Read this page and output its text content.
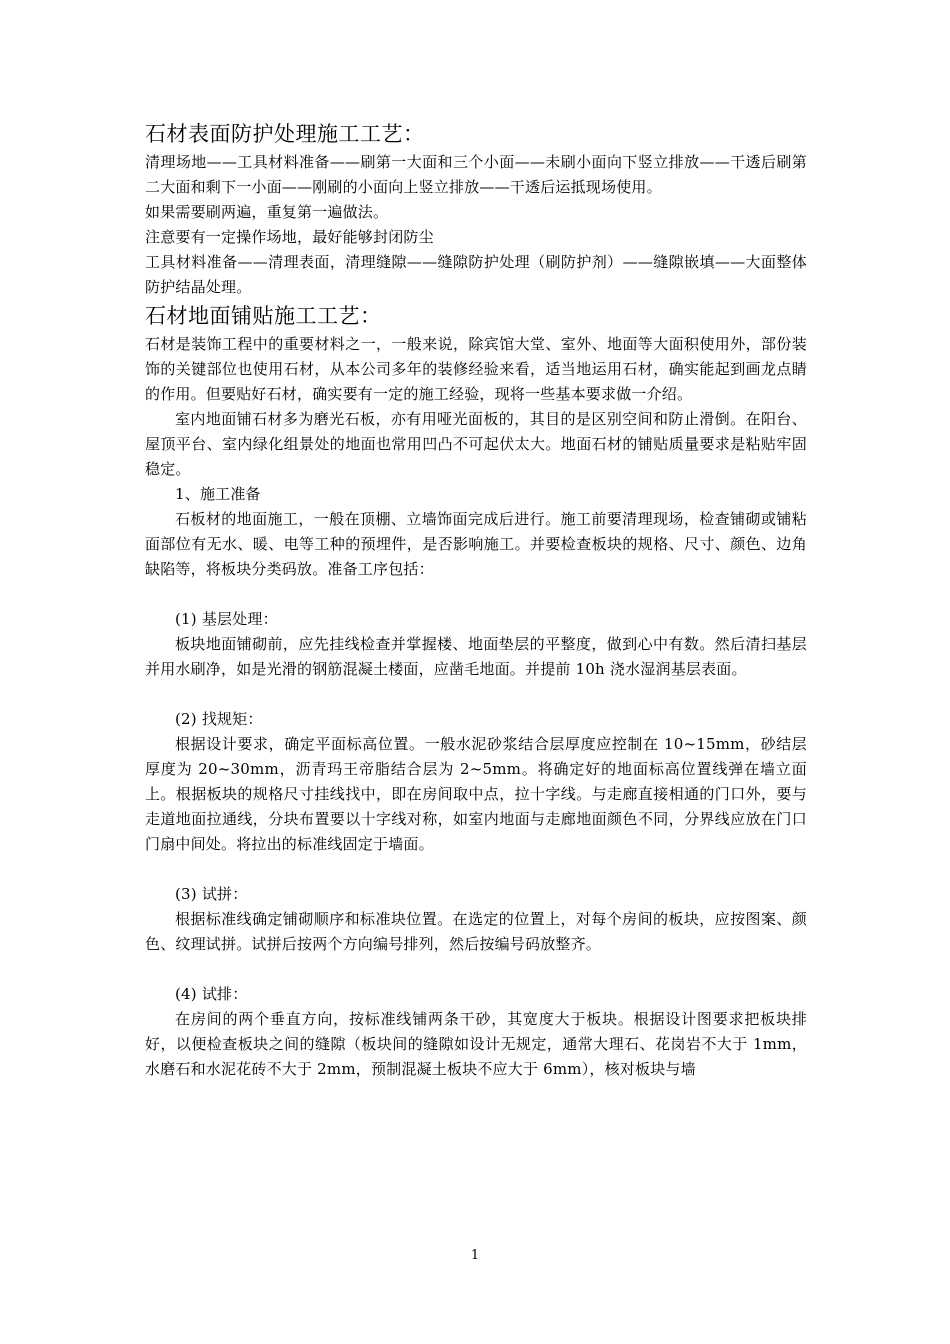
石材表面防护处理施工工艺：

清理场地——工具材料准备——刷第一大面和三个小面——未刷小面向下竖立排放——干透后刷第二大面和剩下一小面——刚刷的小面向上竖立排放——干透后运抵现场使用。

如果需要刷两遍，重复第一遍做法。

注意要有一定操作场地，最好能够封闭防尘

工具材料准备——清理表面，清理缝隙——缝隙防护处理（刷防护剂）——缝隙嵌填——大面整体防护结晶处理。

石材地面铺贴施工工艺：

石材是装饰工程中的重要材料之一，一般来说，除宾馆大堂、室外、地面等大面积使用外，部份装饰的关键部位也使用石材，从本公司多年的装修经验来看，适当地运用石材，确实能起到画龙点睛的作用。但要贴好石材，确实要有一定的施工经验，现将一些基本要求做一介绍。

室内地面铺石材多为磨光石板，亦有用哑光面板的，其目的是区别空间和防止滑倒。在阳台、屋顶平台、室内绿化组景处的地面也常用凹凸不可起伏太大。地面石材的铺贴质量要求是粘贴牢固稳定。

1、施工准备

石板材的地面施工，一般在顶棚、立墙饰面完成后进行。施工前要清理现场，检查铺砌或铺粘面部位有无水、暖、电等工种的预埋件，是否影响施工。并要检查板块的规格、尺寸、颜色、边角缺陷等，将板块分类码放。准备工序包括：

(1) 基层处理：

板块地面铺砌前，应先挂线检查并掌握楼、地面垫层的平整度，做到心中有数。然后清扫基层并用水刷净，如是光滑的钢筋混凝土楼面，应凿毛地面。并提前 10h 浇水湿润基层表面。

(2) 找规矩：

根据设计要求，确定平面标高位置。一般水泥砂浆结合层厚度应控制在 10~15mm，砂结层厚度为 20~30mm，沥青玛王帝脂结合层为 2~5mm。将确定好的地面标高位置线弹在墙立面上。根据板块的规格尺寸挂线找中，即在房间取中点，拉十字线。与走廊直接相通的门口外，要与走道地面拉通线，分块布置要以十字线对称，如室内地面与走廊地面颜色不同，分界线应放在门口门扇中间处。将拉出的标准线固定于墙面。

(3) 试拼：

根据标准线确定铺砌顺序和标准块位置。在选定的位置上，对每个房间的板块，应按图案、颜色、纹理试拼。试拼后按两个方向编号排列，然后按编号码放整齐。

(4) 试排：

在房间的两个垂直方向，按标准线铺两条干砂，其宽度大于板块。根据设计图要求把板块排好，以便检查板块之间的缝隙（板块间的缝隙如设计无规定，通常大理石、花岗岩不大于 1mm，水磨石和水泥花砖不大于 2mm，预制混凝土板块不应大于 6mm），核对板块与墙

1
